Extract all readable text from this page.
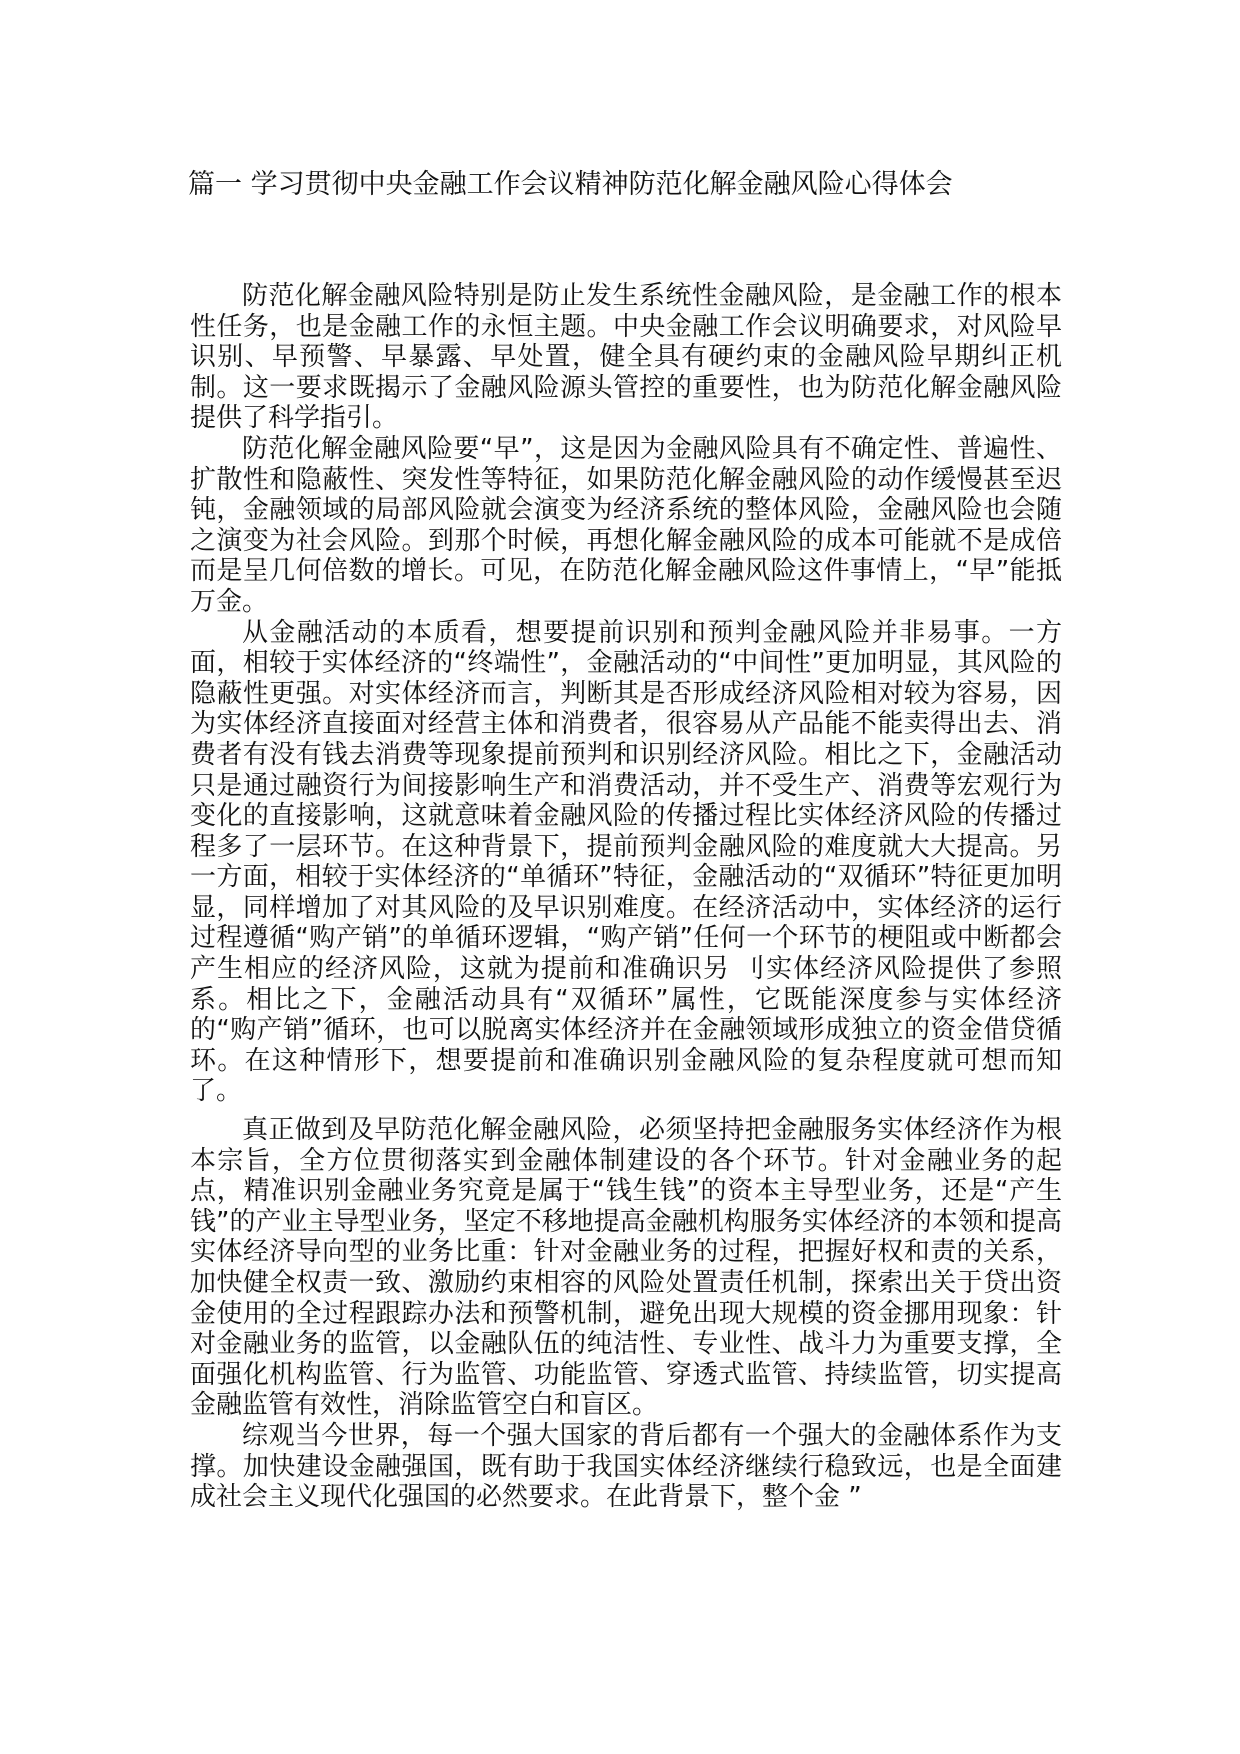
篇一 学习贯彻中央金融工作会议精神防范化解金融风险心得体会

防范化解金融风险特别是防止发生系统性金融风险，是金融工作的根本性任务，也是金融工作的永恒主题。中央金融工作会议明确要求，对风险早识别、早预警、早暴露、早处置，健全具有硬约束的金融风险早期纠正机制。这一要求既揭示了金融风险源头管控的重要性，也为防范化解金融风险提供了科学指引。

防范化解金融风险要“早”，这是因为金融风险具有不确定性、普遍性、扩散性和隐蔽性、突发性等特征，如果防范化解金融风险的动作缓慢甚至迟钝，金融领域的局部风险就会演变为经济系统的整体风险，金融风险也会随之演变为社会风险。到那个时候，再想化解金融风险的成本可能就不是成倍而是呈几何倍数的增长。可见，在防范化解金融风险这件事情上，“早”能抵万金。

从金融活动的本质看，想要提前识别和预判金融风险并非易事。一方面，相较于实体经济的“终端性”，金融活动的“中间性”更加明显，其风险的隐蔽性更强。对实体经济而言，判断其是否形成经济风险相对较为容易，因为实体经济直接面对经营主体和消费者，很容易从产品能不能卖得出去、消费者有没有钱去消费等现象提前预判和识别经济风险。相比之下，金融活动只是通过融资行为间接影响生产和消费活动，并不受生产、消费等宏观行为变化的直接影响，这就意味着金融风险的传播过程比实体经济风险的传播过程多了一层环节。在这种背景下，提前预判金融风险的难度就大大提高。另一方面，相较于实体经济的“单循环”特征，金融活动的“双循环”特征更加明显，同样增加了对其风险的及早识别难度。在经济活动中，实体经济的运行过程遵循“购产销”的单循环逻辑，“购产销”任何一个环节的梗阻或中断都会产生相应的经济风险，这就为提前和准确识另 刂实体经济风险提供了参照系。相比之下，金融活动具有“双循环”属性，它既能深度参与实体经济的“购产销”循环，也可以脱离实体经济并在金融领域形成独立的资金借贷循环。在这种情形下，想要提前和准确识别金融风险的复杂程度就可想而知了。

真正做到及早防范化解金融风险，必须坚持把金融服务实体经济作为根本宗旨，全方位贯彻落实到金融体制建设的各个环节。针对金融业务的起点，精准识别金融业务究竟是属于“钱生钱”的资本主导型业务，还是“产生钱”的产业主导型业务，坚定不移地提高金融机构服务实体经济的本领和提高实体经济导向型的业务比重：针对金融业务的过程，把握好权和责的关系，加快健全权责一致、激励约束相容的风险处置责任机制，探索出关于贷出资金使用的全过程跟踪办法和预警机制，避免出现大规模的资金挪用现象：针对金融业务的监管，以金融队伍的纯洁性、专业性、战斗力为重要支撑，全面强化机构监管、行为监管、功能监管、穿透式监管、持续监管，切实提高金融监管有效性，消除监管空白和盲区。

综观当今世界，每一个强大国家的背后都有一个强大的金融体系作为支撑。加快建设金融强国，既有助于我国实体经济继续行稳致远，也是全面建成社会主义现代化强国的必然要求。在此背景下，整个金 ”
